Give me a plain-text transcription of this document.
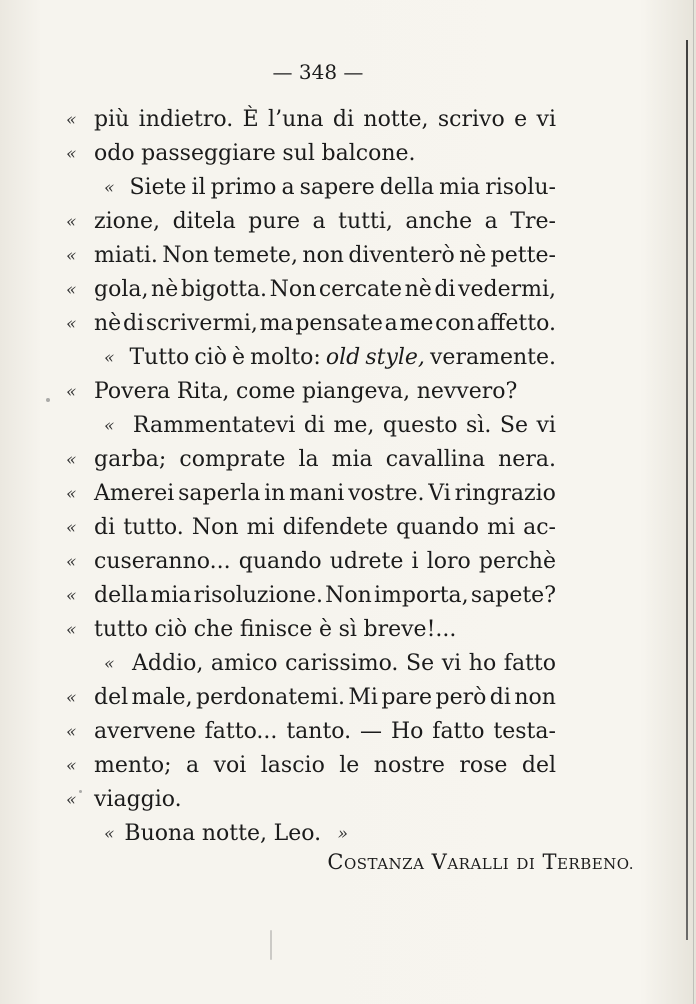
— 348 —
« più indietro. È l’una di notte, scrivo e vi
« odo passeggiare sul balcone.
« Siete il primo a sapere della mia risolu-
« zione, ditela pure a tutti, anche a Tre-
« miati. Non temete, non diventerò nè pette-
« gola, nè bigotta. Non cercate nè di vedermi,
« nè di scrivermi, ma pensate a me con affetto.
« Tutto ciò è molto: old style, veramente.
« Povera Rita, come piangeva, nevvero?
« Rammentatevi di me, questo sì. Se vi
« garba; comprate la mia cavallina nera.
« Amerei saperla in mani vostre. Vi ringrazio
« di tutto. Non mi difendete quando mi ac-
« cuseranno... quando udrete i loro perchè
« della mia risoluzione. Non importa, sapete?
« tutto ciò che finisce è sì breve!...
« Addio, amico carissimo. Se vi ho fatto
« del male, perdonatemi. Mi pare però di non
« avervene fatto... tanto. — Ho fatto testa-
« mento; a voi lascio le nostre rose del
« viaggio.
« Buona notte, Leo. »
COSTANZA VARALLI DI TERBENO.
